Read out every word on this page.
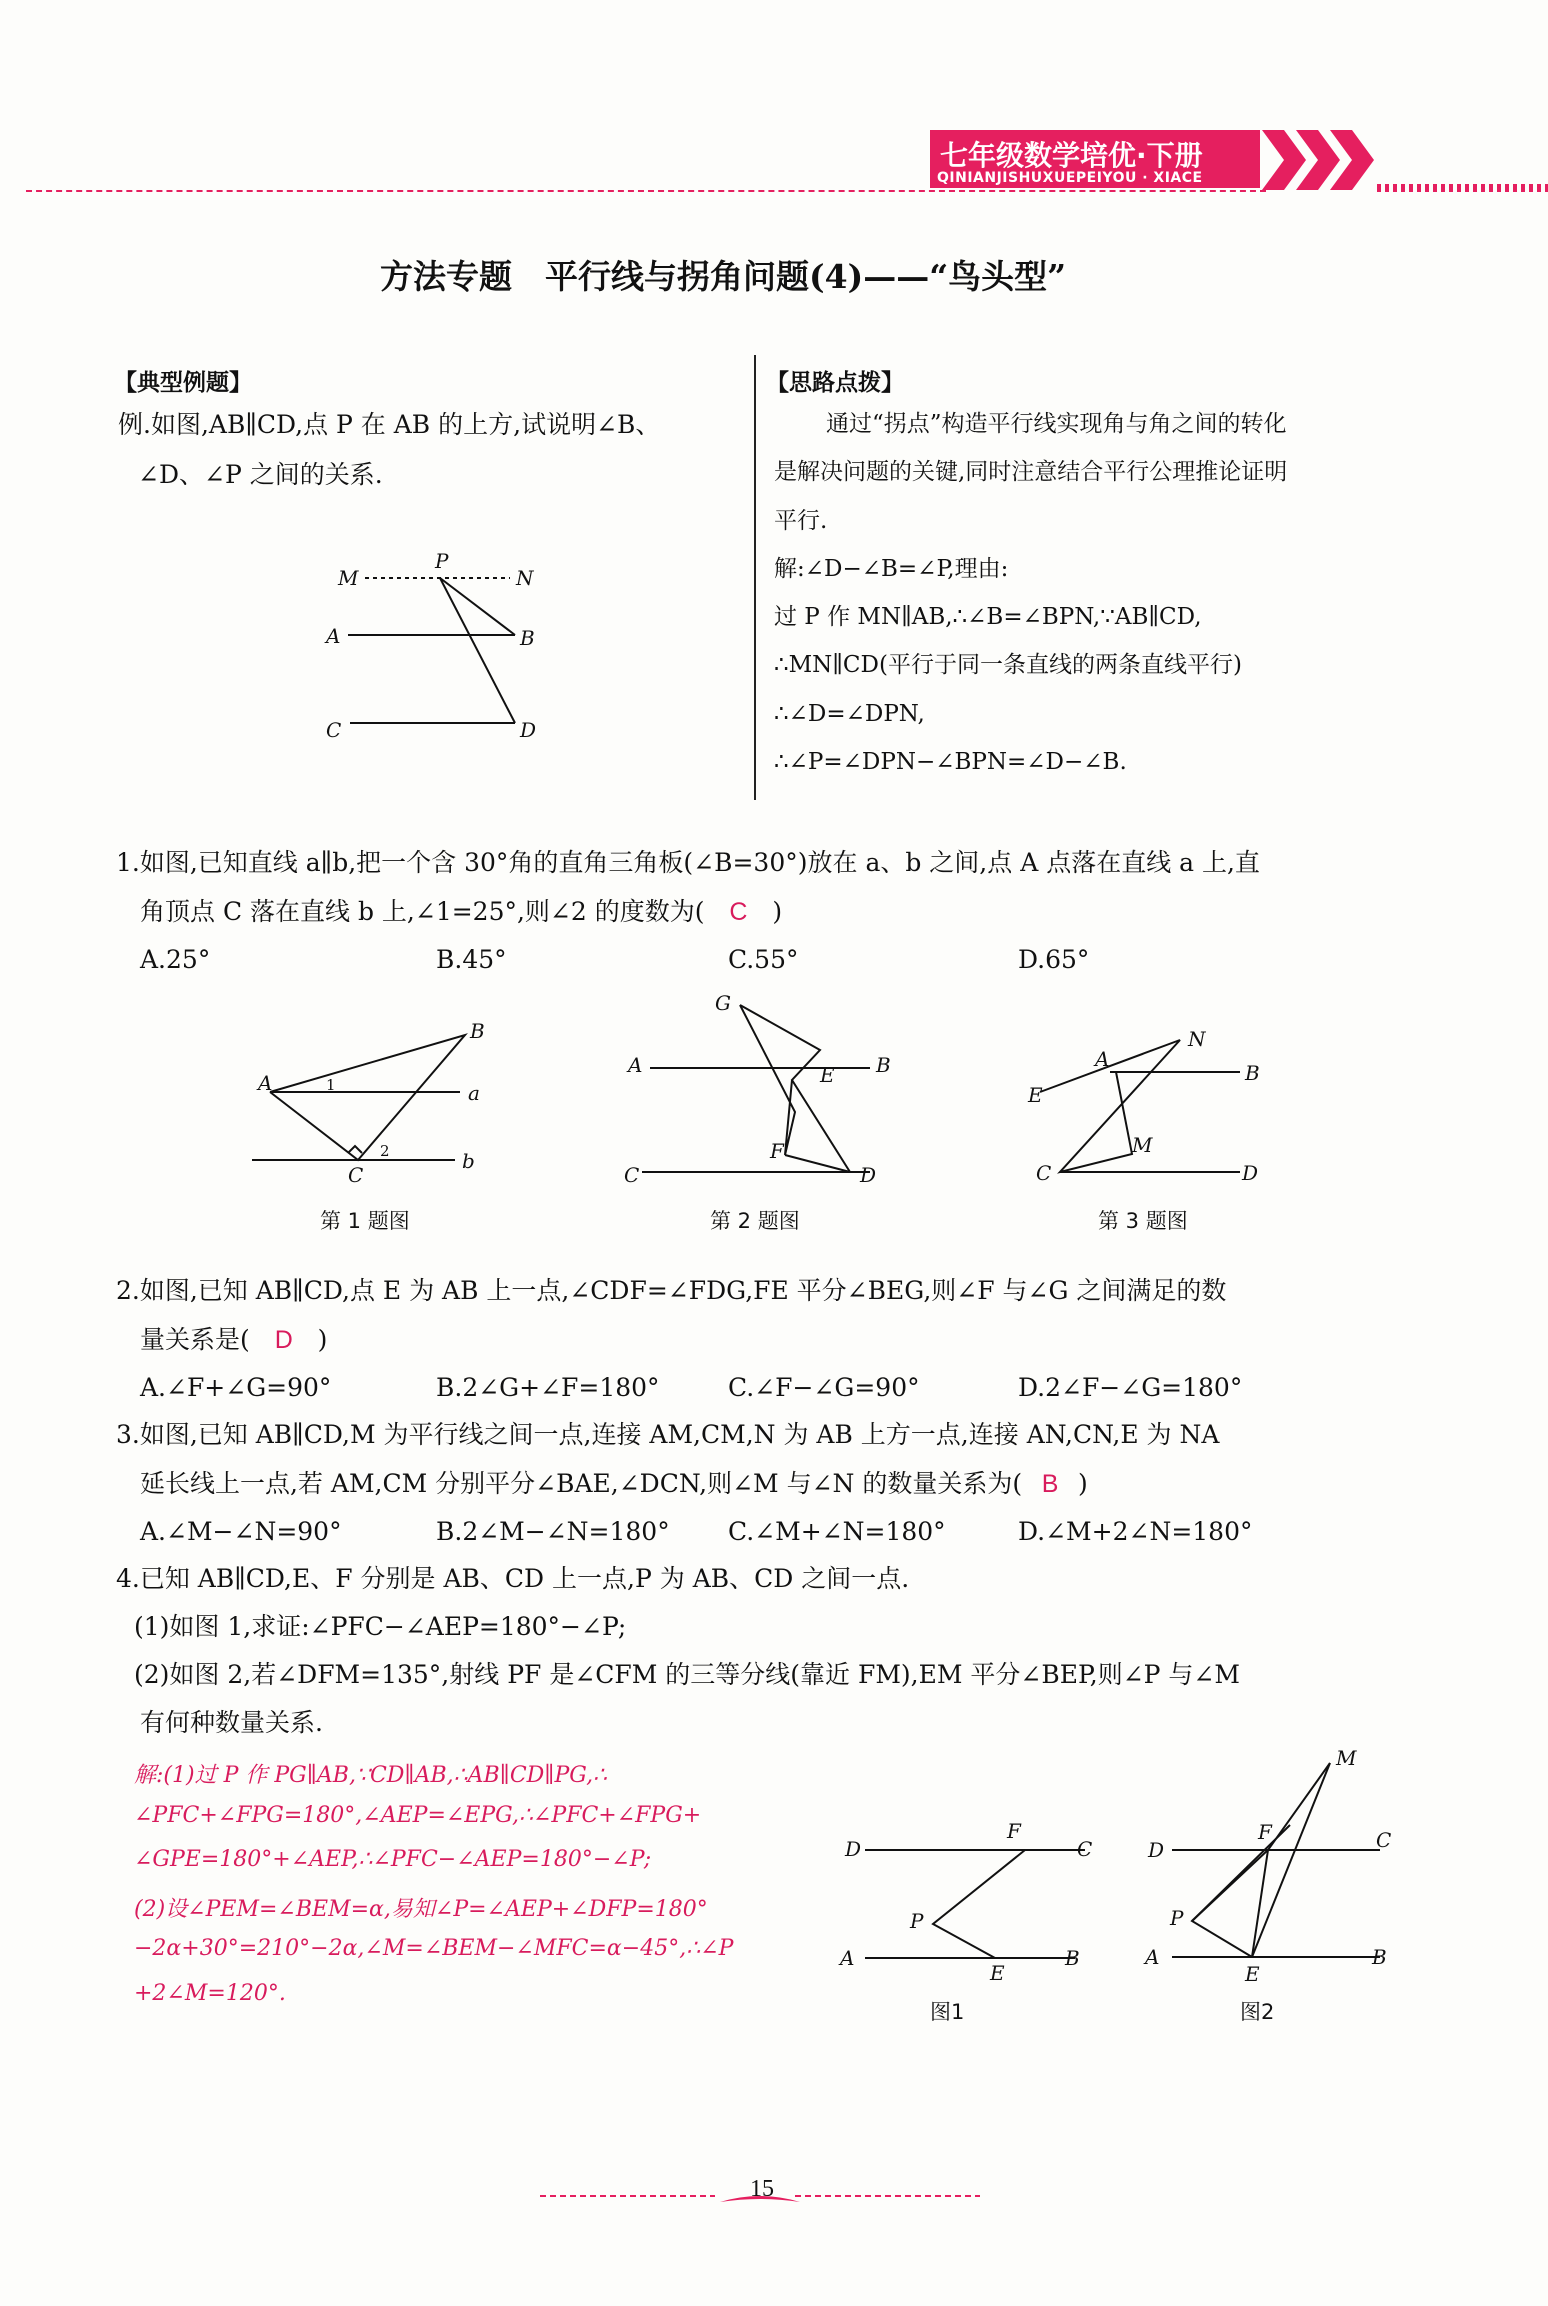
七年级数学培优·下册
QINIANJISHUXUEPEIYOU · XIACE
方法专题　平行线与拐角问题(4)——“鸟头型”
【典型例题】
例.如图,AB∥CD,点 P 在 AB 的上方,试说明∠B、
∠D、∠P 之间的关系.
M
P
N
A	B
C	D
【思路点拨】
通过“拐点”构造平行线实现角与角之间的转化
是解决问题的关键,同时注意结合平行公理推论证明
平行.
解:∠D−∠B=∠P,理由:
过 P 作 MN∥AB,∴∠B=∠BPN,∵AB∥CD,
∴MN∥CD(平行于同一条直线的两条直线平行)
∴∠D=∠DPN,
∴∠P=∠DPN−∠BPN=∠D−∠B.
1.如图,已知直线 a∥b,把一个含 30°角的直角三角板(∠B=30°)放在 a、b 之间,点 A 点落在直线 a 上,直
角顶点 C 落在直线 b 上,∠1=25°,则∠2 的度数为( C )
A.25°	B.45°	C.55°	D.65°
A
B
C
a
b
1
2
第 1 题图
G
A	B
E
F
C	D
第 2 题图
A
N
B
E
M
C	D
第 3 题图
2.如图,已知 AB∥CD,点 E 为 AB 上一点,∠CDF=∠FDG,FE 平分∠BEG,则∠F 与∠G 之间满足的数
量关系是( D )
A.∠F+∠G=90°	B.2∠G+∠F=180°	C.∠F−∠G=90°	D.2∠F−∠G=180°
3.如图,已知 AB∥CD,M 为平行线之间一点,连接 AM,CM,N 为 AB 上方一点,连接 AN,CN,E 为 NA
延长线上一点,若 AM,CM 分别平分∠BAE,∠DCN,则∠M 与∠N 的数量关系为( B )
A.∠M−∠N=90°	B.2∠M−∠N=180° C.∠M+∠N=180°	D.∠M+2∠N=180°
4.已知 AB∥CD,E、F 分别是 AB、CD 上一点,P 为 AB、CD 之间一点.
(1)如图 1,求证:∠PFC−∠AEP=180°−∠P;
(2)如图 2,若∠DFM=135°,射线 PF 是∠CFM 的三等分线(靠近 FM),EM 平分∠BEP,则∠P 与∠M
有何种数量关系.
解:(1)过 P 作 PG∥AB,∵CD∥AB,∴AB∥CD∥PG,∴
∠PFC+∠FPG=180°,∠AEP=∠EPG,∴∠PFC+∠FPG+
∠GPE=180°+∠AEP,∴∠PFC−∠AEP=180°−∠P;
(2)设∠PEM=∠BEM=α,易知∠P=∠AEP+∠DFP=180°
−2α+30°=210°−2α,∠M=∠BEM−∠MFC=α−45°,∴∠P
+2∠M=120°.
D
F
C
P
A
E
B
图1
M
D
F	C
P
A
E
B
图2
15
